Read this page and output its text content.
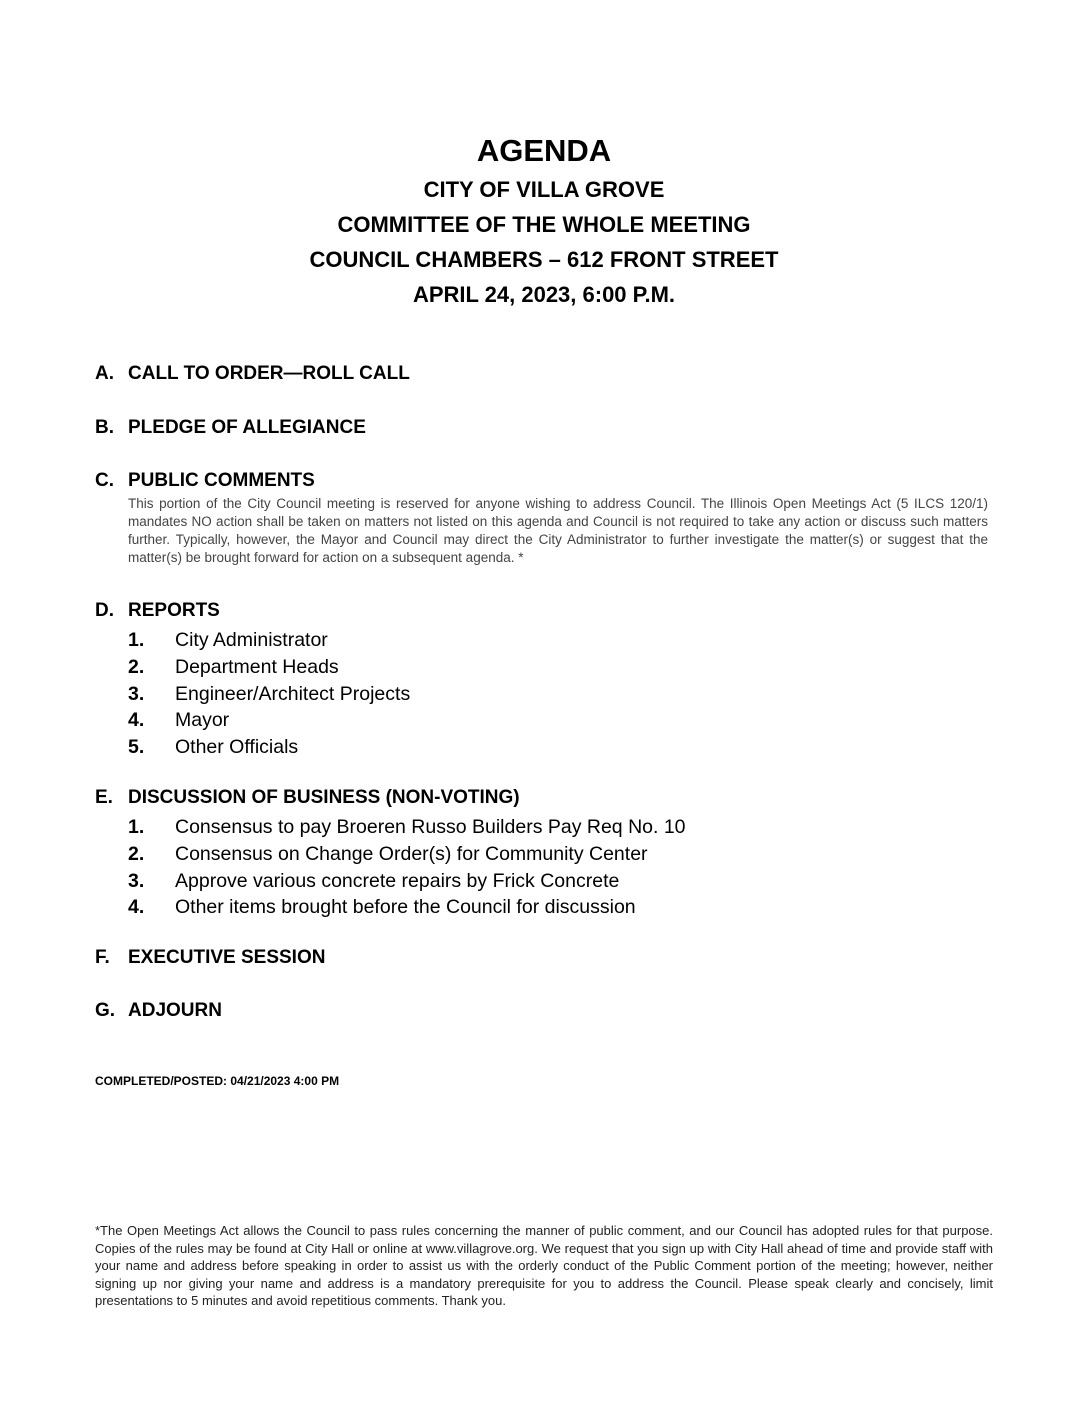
AGENDA
CITY OF VILLA GROVE
COMMITTEE OF THE WHOLE MEETING
COUNCIL CHAMBERS – 612 FRONT STREET
APRIL 24, 2023, 6:00 P.M.
A. CALL TO ORDER—ROLL CALL
B. PLEDGE OF ALLEGIANCE
C. PUBLIC COMMENTS
This portion of the City Council meeting is reserved for anyone wishing to address Council. The Illinois Open Meetings Act (5 ILCS 120/1) mandates NO action shall be taken on matters not listed on this agenda and Council is not required to take any action or discuss such matters further. Typically, however, the Mayor and Council may direct the City Administrator to further investigate the matter(s) or suggest that the matter(s) be brought forward for action on a subsequent agenda. *
D. REPORTS
1. City Administrator
2. Department Heads
3. Engineer/Architect Projects
4. Mayor
5. Other Officials
E. DISCUSSION OF BUSINESS (NON-VOTING)
1. Consensus to pay Broeren Russo Builders Pay Req No. 10
2. Consensus on Change Order(s) for Community Center
3. Approve various concrete repairs by Frick Concrete
4. Other items brought before the Council for discussion
F. EXECUTIVE SESSION
G. ADJOURN
COMPLETED/POSTED: 04/21/2023 4:00 PM
*The Open Meetings Act allows the Council to pass rules concerning the manner of public comment, and our Council has adopted rules for that purpose. Copies of the rules may be found at City Hall or online at www.villagrove.org. We request that you sign up with City Hall ahead of time and provide staff with your name and address before speaking in order to assist us with the orderly conduct of the Public Comment portion of the meeting; however, neither signing up nor giving your name and address is a mandatory prerequisite for you to address the Council. Please speak clearly and concisely, limit presentations to 5 minutes and avoid repetitious comments. Thank you.
